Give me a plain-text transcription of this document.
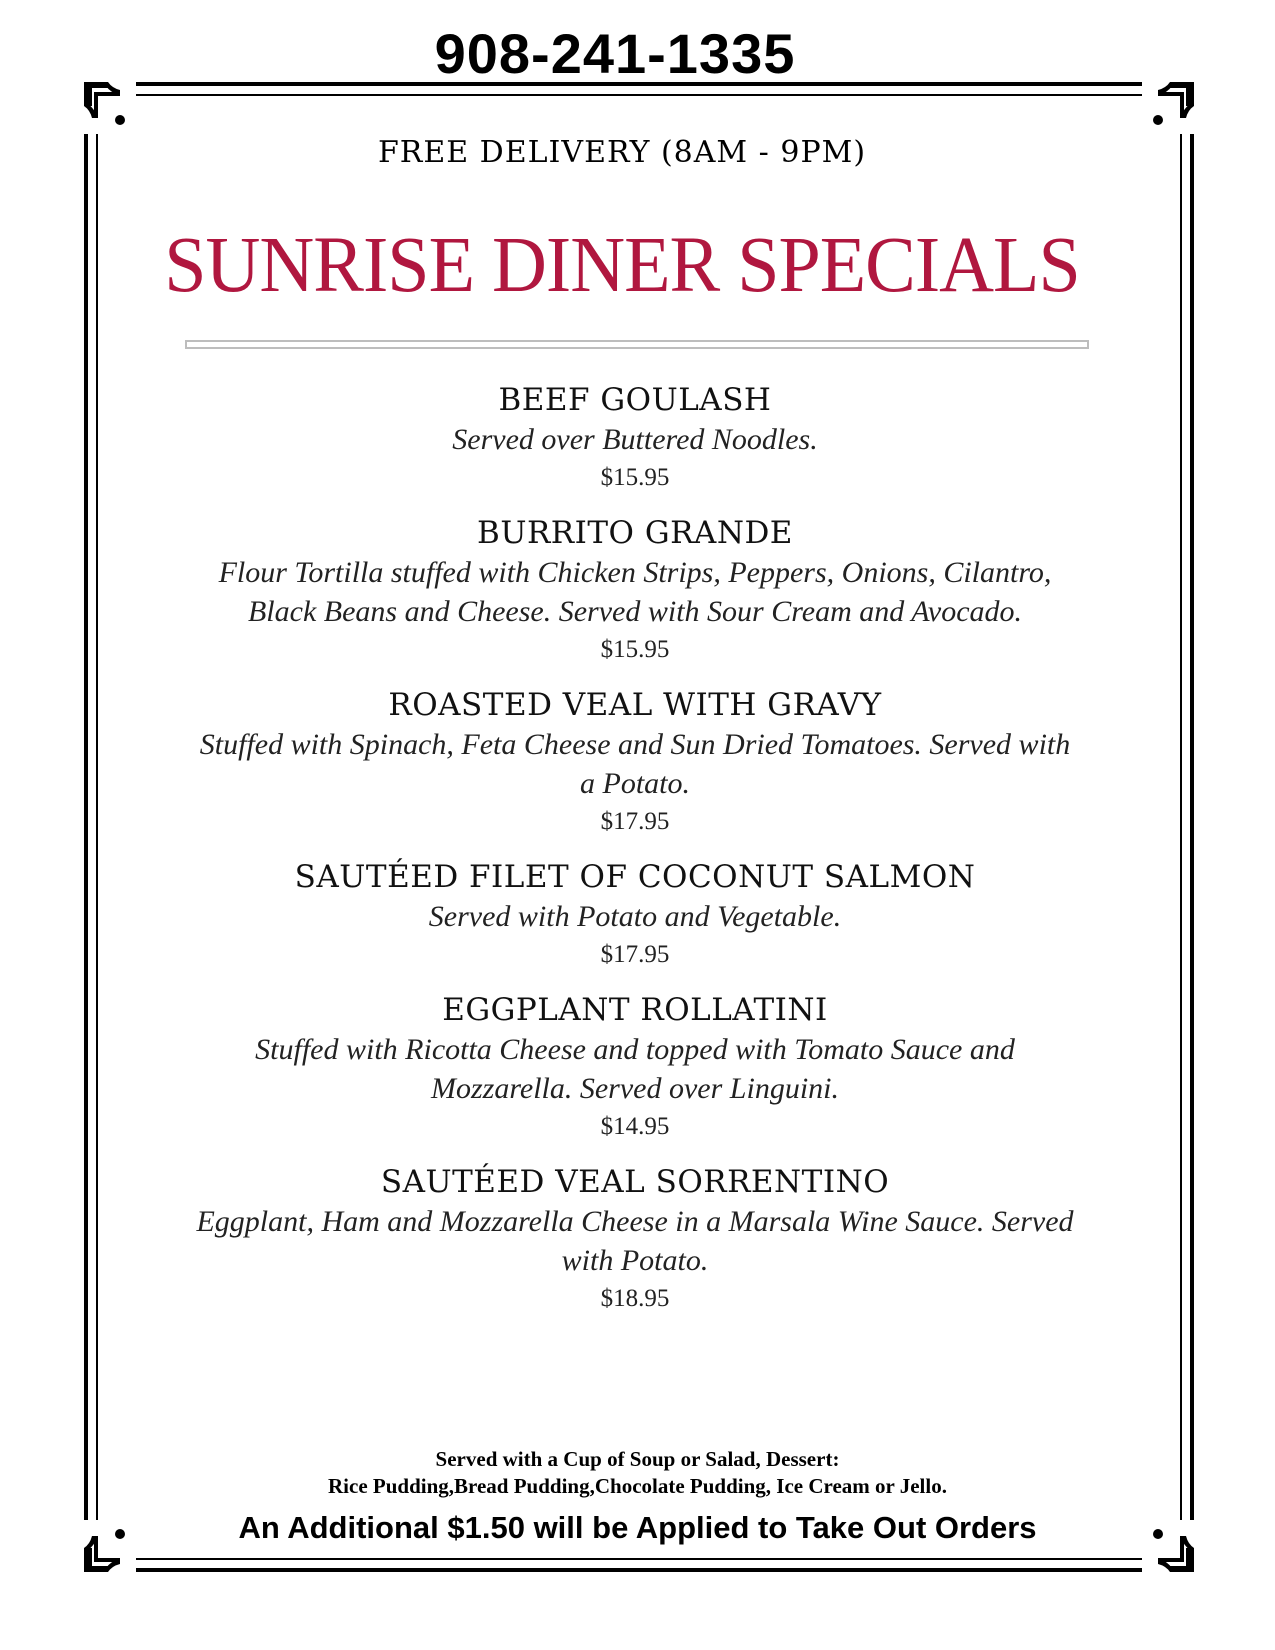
908-241-1335
FREE DELIVERY (8AM - 9PM)
SUNRISE DINER SPECIALS
BEEF GOULASH
Served over Buttered Noodles.
$15.95
BURRITO GRANDE
Flour Tortilla stuffed with Chicken Strips, Peppers, Onions, Cilantro, Black Beans and Cheese. Served with Sour Cream and Avocado.
$15.95
ROASTED VEAL WITH GRAVY
Stuffed with Spinach, Feta Cheese and Sun Dried Tomatoes. Served with a Potato.
$17.95
SAUTÉED FILET OF COCONUT SALMON
Served with Potato and Vegetable.
$17.95
EGGPLANT ROLLATINI
Stuffed with Ricotta Cheese and topped with Tomato Sauce and Mozzarella. Served over Linguini.
$14.95
SAUTÉED VEAL SORRENTINO
Eggplant, Ham and Mozzarella Cheese in a Marsala Wine Sauce. Served with Potato.
$18.95
Served with a Cup of Soup or Salad, Dessert:
Rice Pudding,Bread Pudding,Chocolate Pudding, Ice Cream or Jello.
An Additional $1.50 will be Applied to Take Out Orders
